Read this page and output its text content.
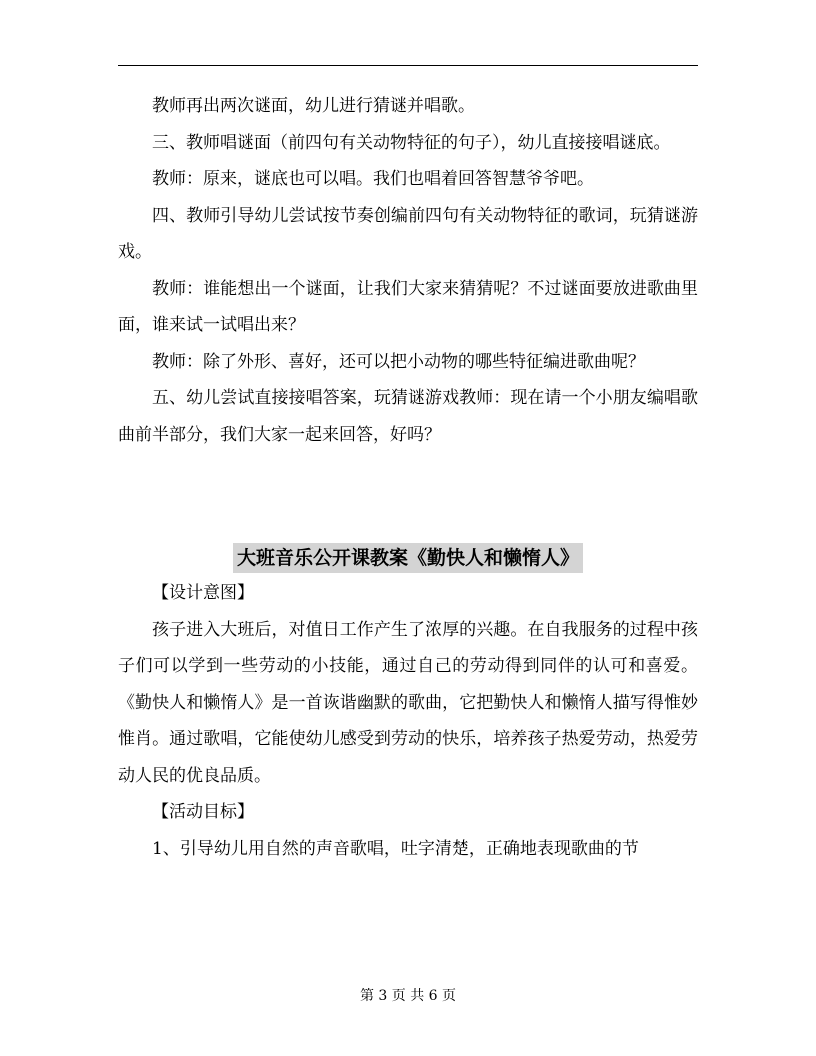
教师再出两次谜面，幼儿进行猜谜并唱歌。

三、教师唱谜面（前四句有关动物特征的句子），幼儿直接接唱谜底。

教师：原来，谜底也可以唱。我们也唱着回答智慧爷爷吧。

四、教师引导幼儿尝试按节奏创编前四句有关动物特征的歌词，玩猜谜游戏。

教师：谁能想出一个谜面，让我们大家来猜猜呢？不过谜面要放进歌曲里面，谁来试一试唱出来？

教师：除了外形、喜好，还可以把小动物的哪些特征编进歌曲呢？

五、幼儿尝试直接接唱答案，玩猜谜游戏教师：现在请一个小朋友编唱歌曲前半部分，我们大家一起来回答，好吗？

大班音乐公开课教案《勤快人和懒惰人》

【设计意图】

孩子进入大班后，对值日工作产生了浓厚的兴趣。在自我服务的过程中孩子们可以学到一些劳动的小技能，通过自己的劳动得到同伴的认可和喜爱。《勤快人和懒惰人》是一首诙谐幽默的歌曲，它把勤快人和懒惰人描写得惟妙惟肖。通过歌唱，它能使幼儿感受到劳动的快乐，培养孩子热爱劳动，热爱劳动人民的优良品质。

【活动目标】

1、引导幼儿用自然的声音歌唱，吐字清楚，正确地表现歌曲的节

第 3 页 共 6 页
